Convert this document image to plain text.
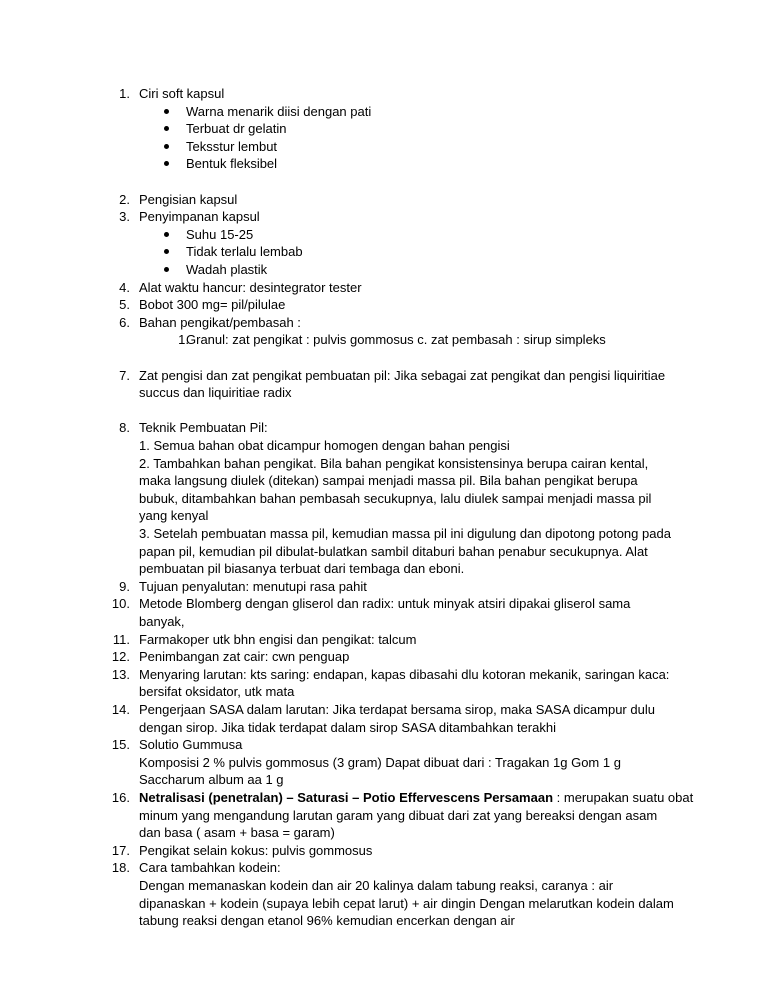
1. Ciri soft kapsul
Warna menarik diisi dengan pati
Terbuat dr gelatin
Teksstur lembut
Bentuk fleksibel
2. Pengisian kapsul
3. Penyimpanan kapsul
Suhu 15-25
Tidak terlalu lembab
Wadah plastik
4. Alat waktu hancur: desintegrator tester
5. Bobot 300 mg= pil/pilulae
6. Bahan pengikat/pembasah :
1.
Granul: zat pengikat : pulvis gommosus c. zat pembasah : sirup simpleks
7. Zat pengisi dan zat pengikat pembuatan pil: Jika sebagai zat pengikat dan pengisi liquiritiae
succus dan liquiritiae radix
8. Teknik Pembuatan Pil:
1. Semua bahan obat dicampur homogen dengan bahan pengisi
2. Tambahkan bahan pengikat. Bila bahan pengikat konsistensinya berupa cairan kental,
maka langsung diulek (ditekan) sampai menjadi massa pil. Bila bahan pengikat berupa
bubuk, ditambahkan bahan pembasah secukupnya, lalu diulek sampai menjadi massa pil
yang kenyal
3. Setelah pembuatan massa pil, kemudian massa pil ini digulung dan dipotong potong pada
papan pil, kemudian pil dibulat-bulatkan sambil ditaburi bahan penabur secukupnya. Alat
pembuatan pil biasanya terbuat dari tembaga dan eboni.
9. Tujuan penyalutan: menutupi rasa pahit
10. Metode Blomberg dengan gliserol dan radix: untuk minyak atsiri dipakai gliserol sama
banyak,
11. Farmakoper utk bhn engisi dan pengikat: talcum
12. Penimbangan zat cair: cwn penguap
13. Menyaring larutan: kts saring: endapan, kapas dibasahi dlu kotoran mekanik, saringan kaca:
bersifat oksidator, utk mata
14. Pengerjaan SASA dalam larutan: Jika terdapat bersama sirop, maka SASA dicampur dulu
dengan sirop. Jika tidak terdapat dalam sirop SASA ditambahkan terakhi
15. Solutio Gummusa
Komposisi 2 % pulvis gommosus (3 gram) Dapat dibuat dari : Tragakan 1g Gom 1 g
Saccharum album aa 1 g
16. Netralisasi (penetralan) – Saturasi – Potio Effervescens Persamaan : merupakan suatu obat
minum yang mengandung larutan garam yang dibuat dari zat yang bereaksi dengan asam
dan basa ( asam + basa = garam)
17. Pengikat selain kokus: pulvis gommosus
18. Cara tambahkan kodein:
Dengan memanaskan kodein dan air 20 kalinya dalam tabung reaksi, caranya : air
dipanaskan + kodein (supaya lebih cepat larut) + air dingin Dengan melarutkan kodein dalam
tabung reaksi dengan etanol 96% kemudian encerkan dengan air
